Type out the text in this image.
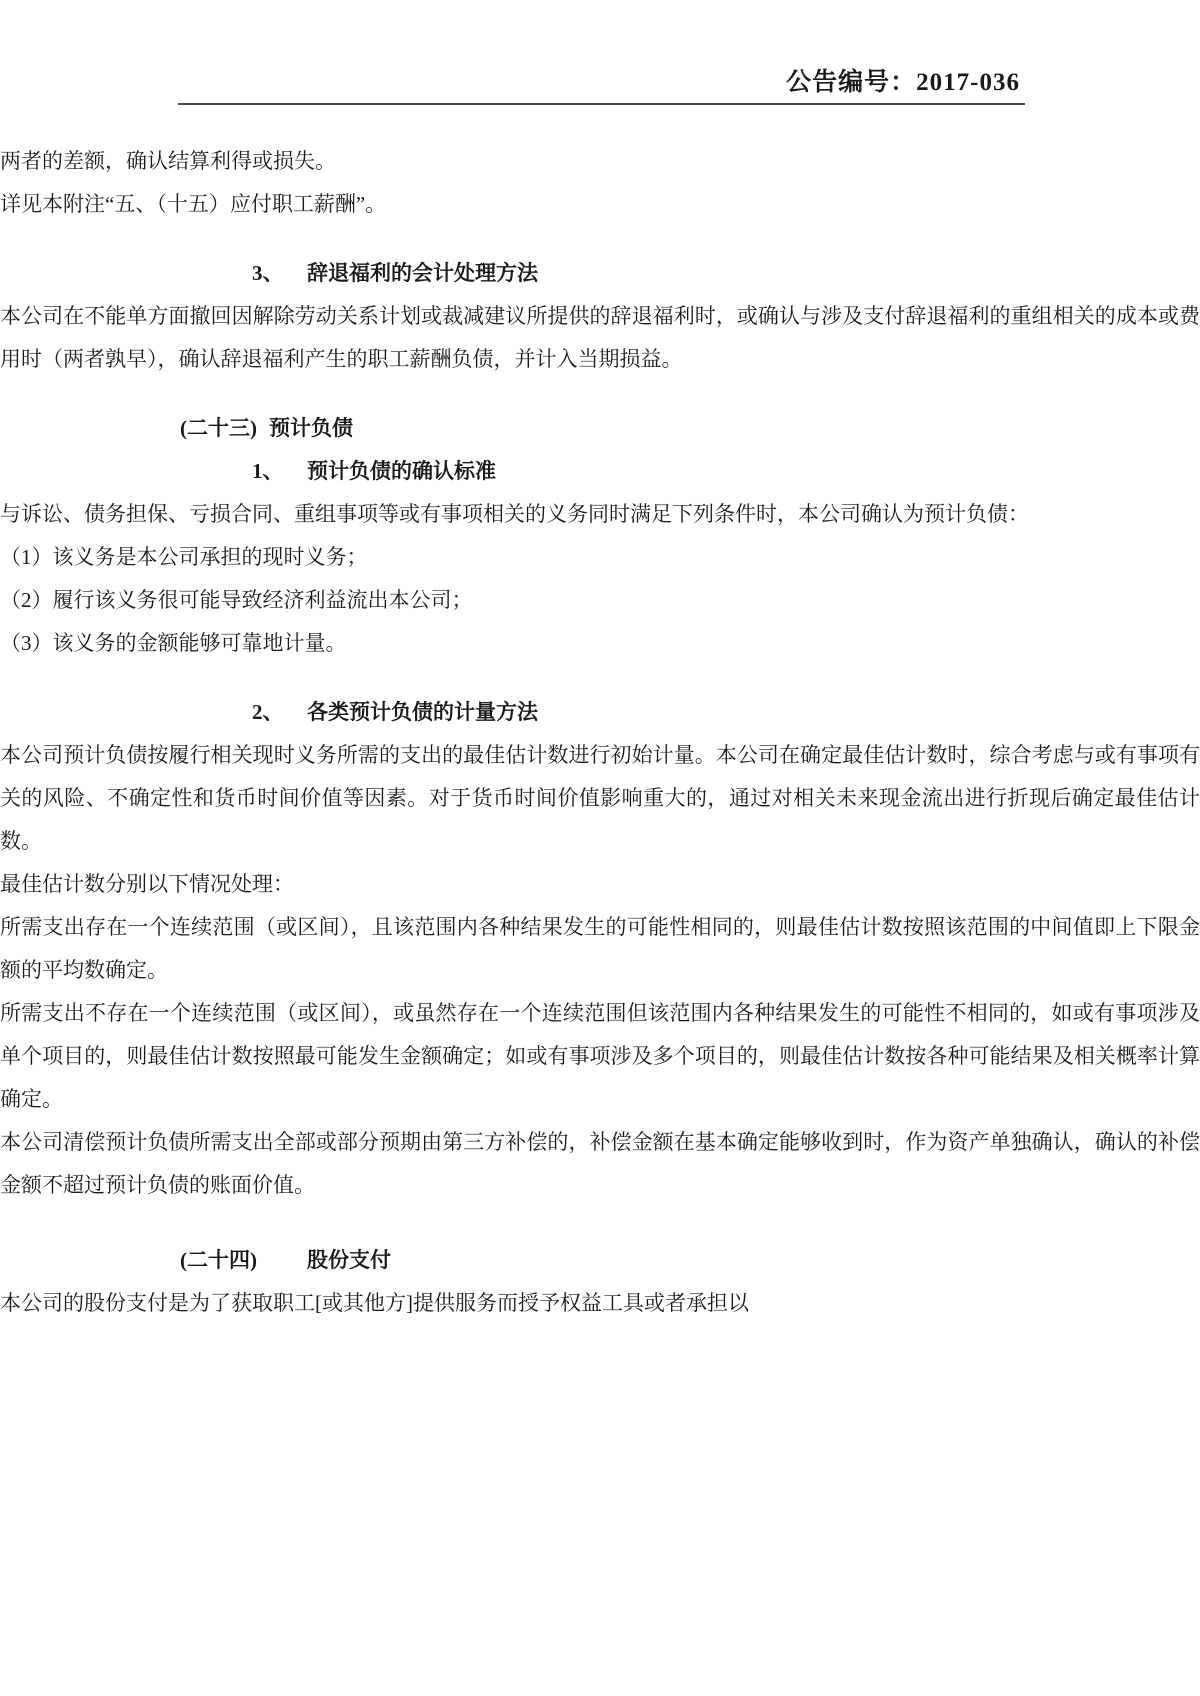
公告编号：2017-036

两者的差额，确认结算利得或损失。

详见本附注“五、（十五）应付职工薪酬”。

3、	辞退福利的会计处理方法

本公司在不能单方面撤回因解除劳动关系计划或裁减建议所提供的辞退福利时，或确认与涉及支付辞退福利的重组相关的成本或费用时（两者孰早），确认辞退福利产生的职工薪酬负债，并计入当期损益。

(二十三) 预计负债
1、	预计负债的确认标准

与诉讼、债务担保、亏损合同、重组事项等或有事项相关的义务同时满足下列条件时，本公司确认为预计负债：

（1）该义务是本公司承担的现时义务；

（2）履行该义务很可能导致经济利益流出本公司；

（3）该义务的金额能够可靠地计量。

2、	各类预计负债的计量方法

本公司预计负债按履行相关现时义务所需的支出的最佳估计数进行初始计量。本公司在确定最佳估计数时，综合考虑与或有事项有关的风险、不确定性和货币时间价值等因素。对于货币时间价值影响重大的，通过对相关未来现金流出进行折现后确定最佳估计数。

最佳估计数分别以下情况处理：

所需支出存在一个连续范围（或区间），且该范围内各种结果发生的可能性相同的，则最佳估计数按照该范围的中间值即上下限金额的平均数确定。

所需支出不存在一个连续范围（或区间），或虽然存在一个连续范围但该范围内各种结果发生的可能性不相同的，如或有事项涉及单个项目的，则最佳估计数按照最可能发生金额确定；如或有事项涉及多个项目的，则最佳估计数按各种可能结果及相关概率计算确定。

本公司清偿预计负债所需支出全部或部分预期由第三方补偿的，补偿金额在基本确定能够收到时，作为资产单独确认，确认的补偿金额不超过预计负债的账面价值。

(二十四)	股份支付

本公司的股份支付是为了获取职工[或其他方]提供服务而授予权益工具或者承担以
